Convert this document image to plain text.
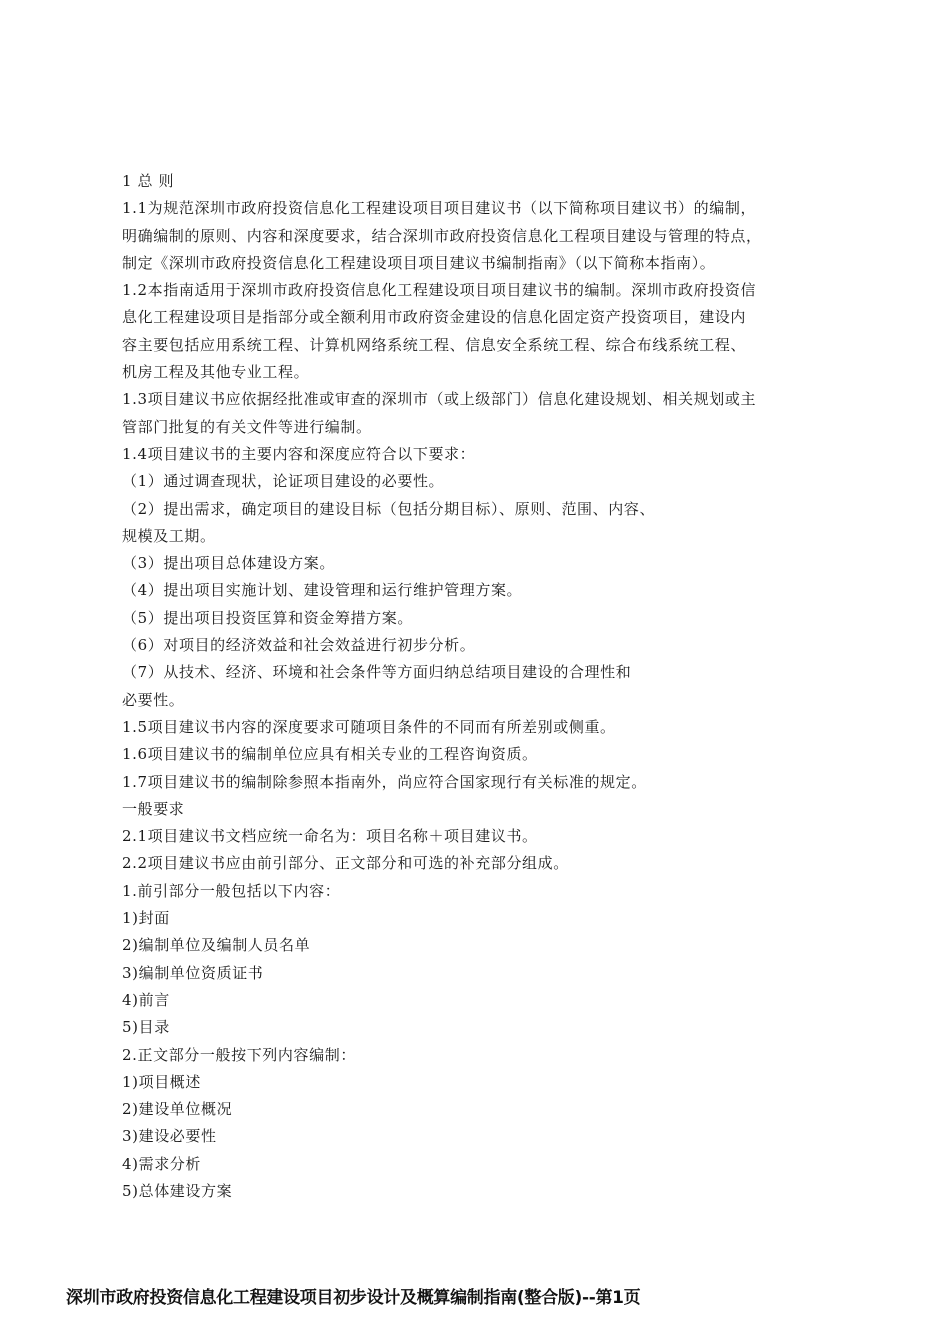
1 总 则
1.1为规范深圳市政府投资信息化工程建设项目项目建议书（以下简称项目建议书）的编制，
明确编制的原则、内容和深度要求，结合深圳市政府投资信息化工程项目建设与管理的特点，
制定《深圳市政府投资信息化工程建设项目项目建议书编制指南》（以下简称本指南）。
1.2本指南适用于深圳市政府投资信息化工程建设项目项目建议书的编制。深圳市政府投资信
息化工程建设项目是指部分或全额利用市政府资金建设的信息化固定资产投资项目，建设内
容主要包括应用系统工程、计算机网络系统工程、信息安全系统工程、综合布线系统工程、
机房工程及其他专业工程。
1.3项目建议书应依据经批准或审查的深圳市（或上级部门）信息化建设规划、相关规划或主
管部门批复的有关文件等进行编制。
1.4项目建议书的主要内容和深度应符合以下要求：
（1）通过调查现状，论证项目建设的必要性。
（2）提出需求，确定项目的建设目标（包括分期目标）、原则、范围、内容、
规模及工期。
（3）提出项目总体建设方案。
（4）提出项目实施计划、建设管理和运行维护管理方案。
（5）提出项目投资匡算和资金筹措方案。
（6）对项目的经济效益和社会效益进行初步分析。
（7）从技术、经济、环境和社会条件等方面归纳总结项目建设的合理性和
必要性。
1.5项目建议书内容的深度要求可随项目条件的不同而有所差别或侧重。
1.6项目建议书的编制单位应具有相关专业的工程咨询资质。
1.7项目建议书的编制除参照本指南外，尚应符合国家现行有关标准的规定。
一般要求
2.1项目建议书文档应统一命名为：项目名称＋项目建议书。
2.2项目建议书应由前引部分、正文部分和可选的补充部分组成。
1.前引部分一般包括以下内容：
1)封面
2)编制单位及编制人员名单
3)编制单位资质证书
4)前言
5)目录
2.正文部分一般按下列内容编制：
1)项目概述
2)建设单位概况
3)建设必要性
4)需求分析
5)总体建设方案
深圳市政府投资信息化工程建设项目初步设计及概算编制指南(整合版)--第1页
